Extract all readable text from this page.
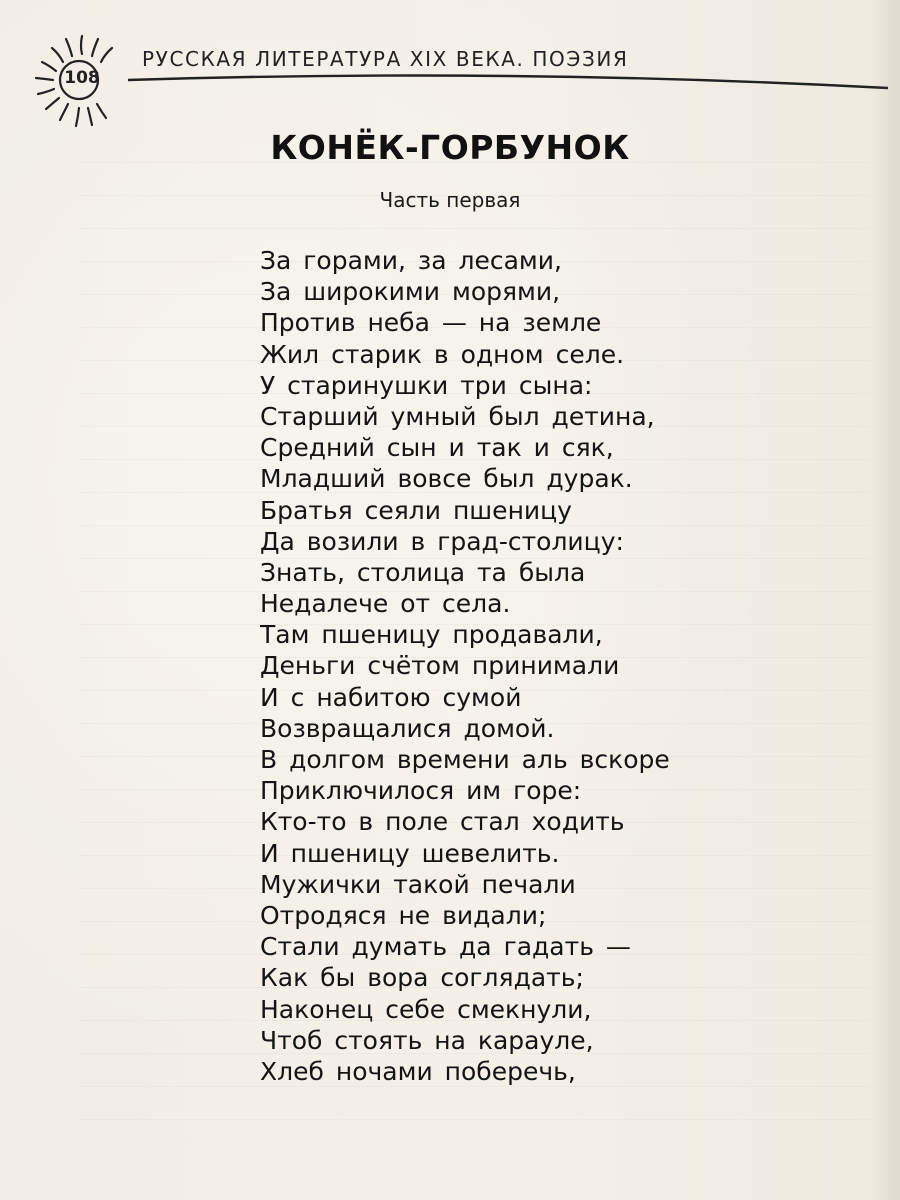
108
РУССКАЯ ЛИТЕРАТУРА XIX ВЕКА. ПОЭЗИЯ
КОНЁК-ГОРБУНОК
Часть первая
За горами, за лесами,
За широкими морями,
Против неба — на земле
Жил старик в одном селе.
У старинушки три сына:
Старший умный был детина,
Средний сын и так и сяк,
Младший вовсе был дурак.
Братья сеяли пшеницу
Да возили в град-столицу:
Знать, столица та была
Недалече от села.
Там пшеницу продавали,
Деньги счётом принимали
И с набитою сумой
Возвращалися домой.
В долгом времени аль вскоре
Приключилося им горе:
Кто-то в поле стал ходить
И пшеницу шевелить.
Мужички такой печали
Отродяся не видали;
Стали думать да гадать —
Как бы вора соглядать;
Наконец себе смекнули,
Чтоб стоять на карауле,
Хлеб ночами поберечь,
